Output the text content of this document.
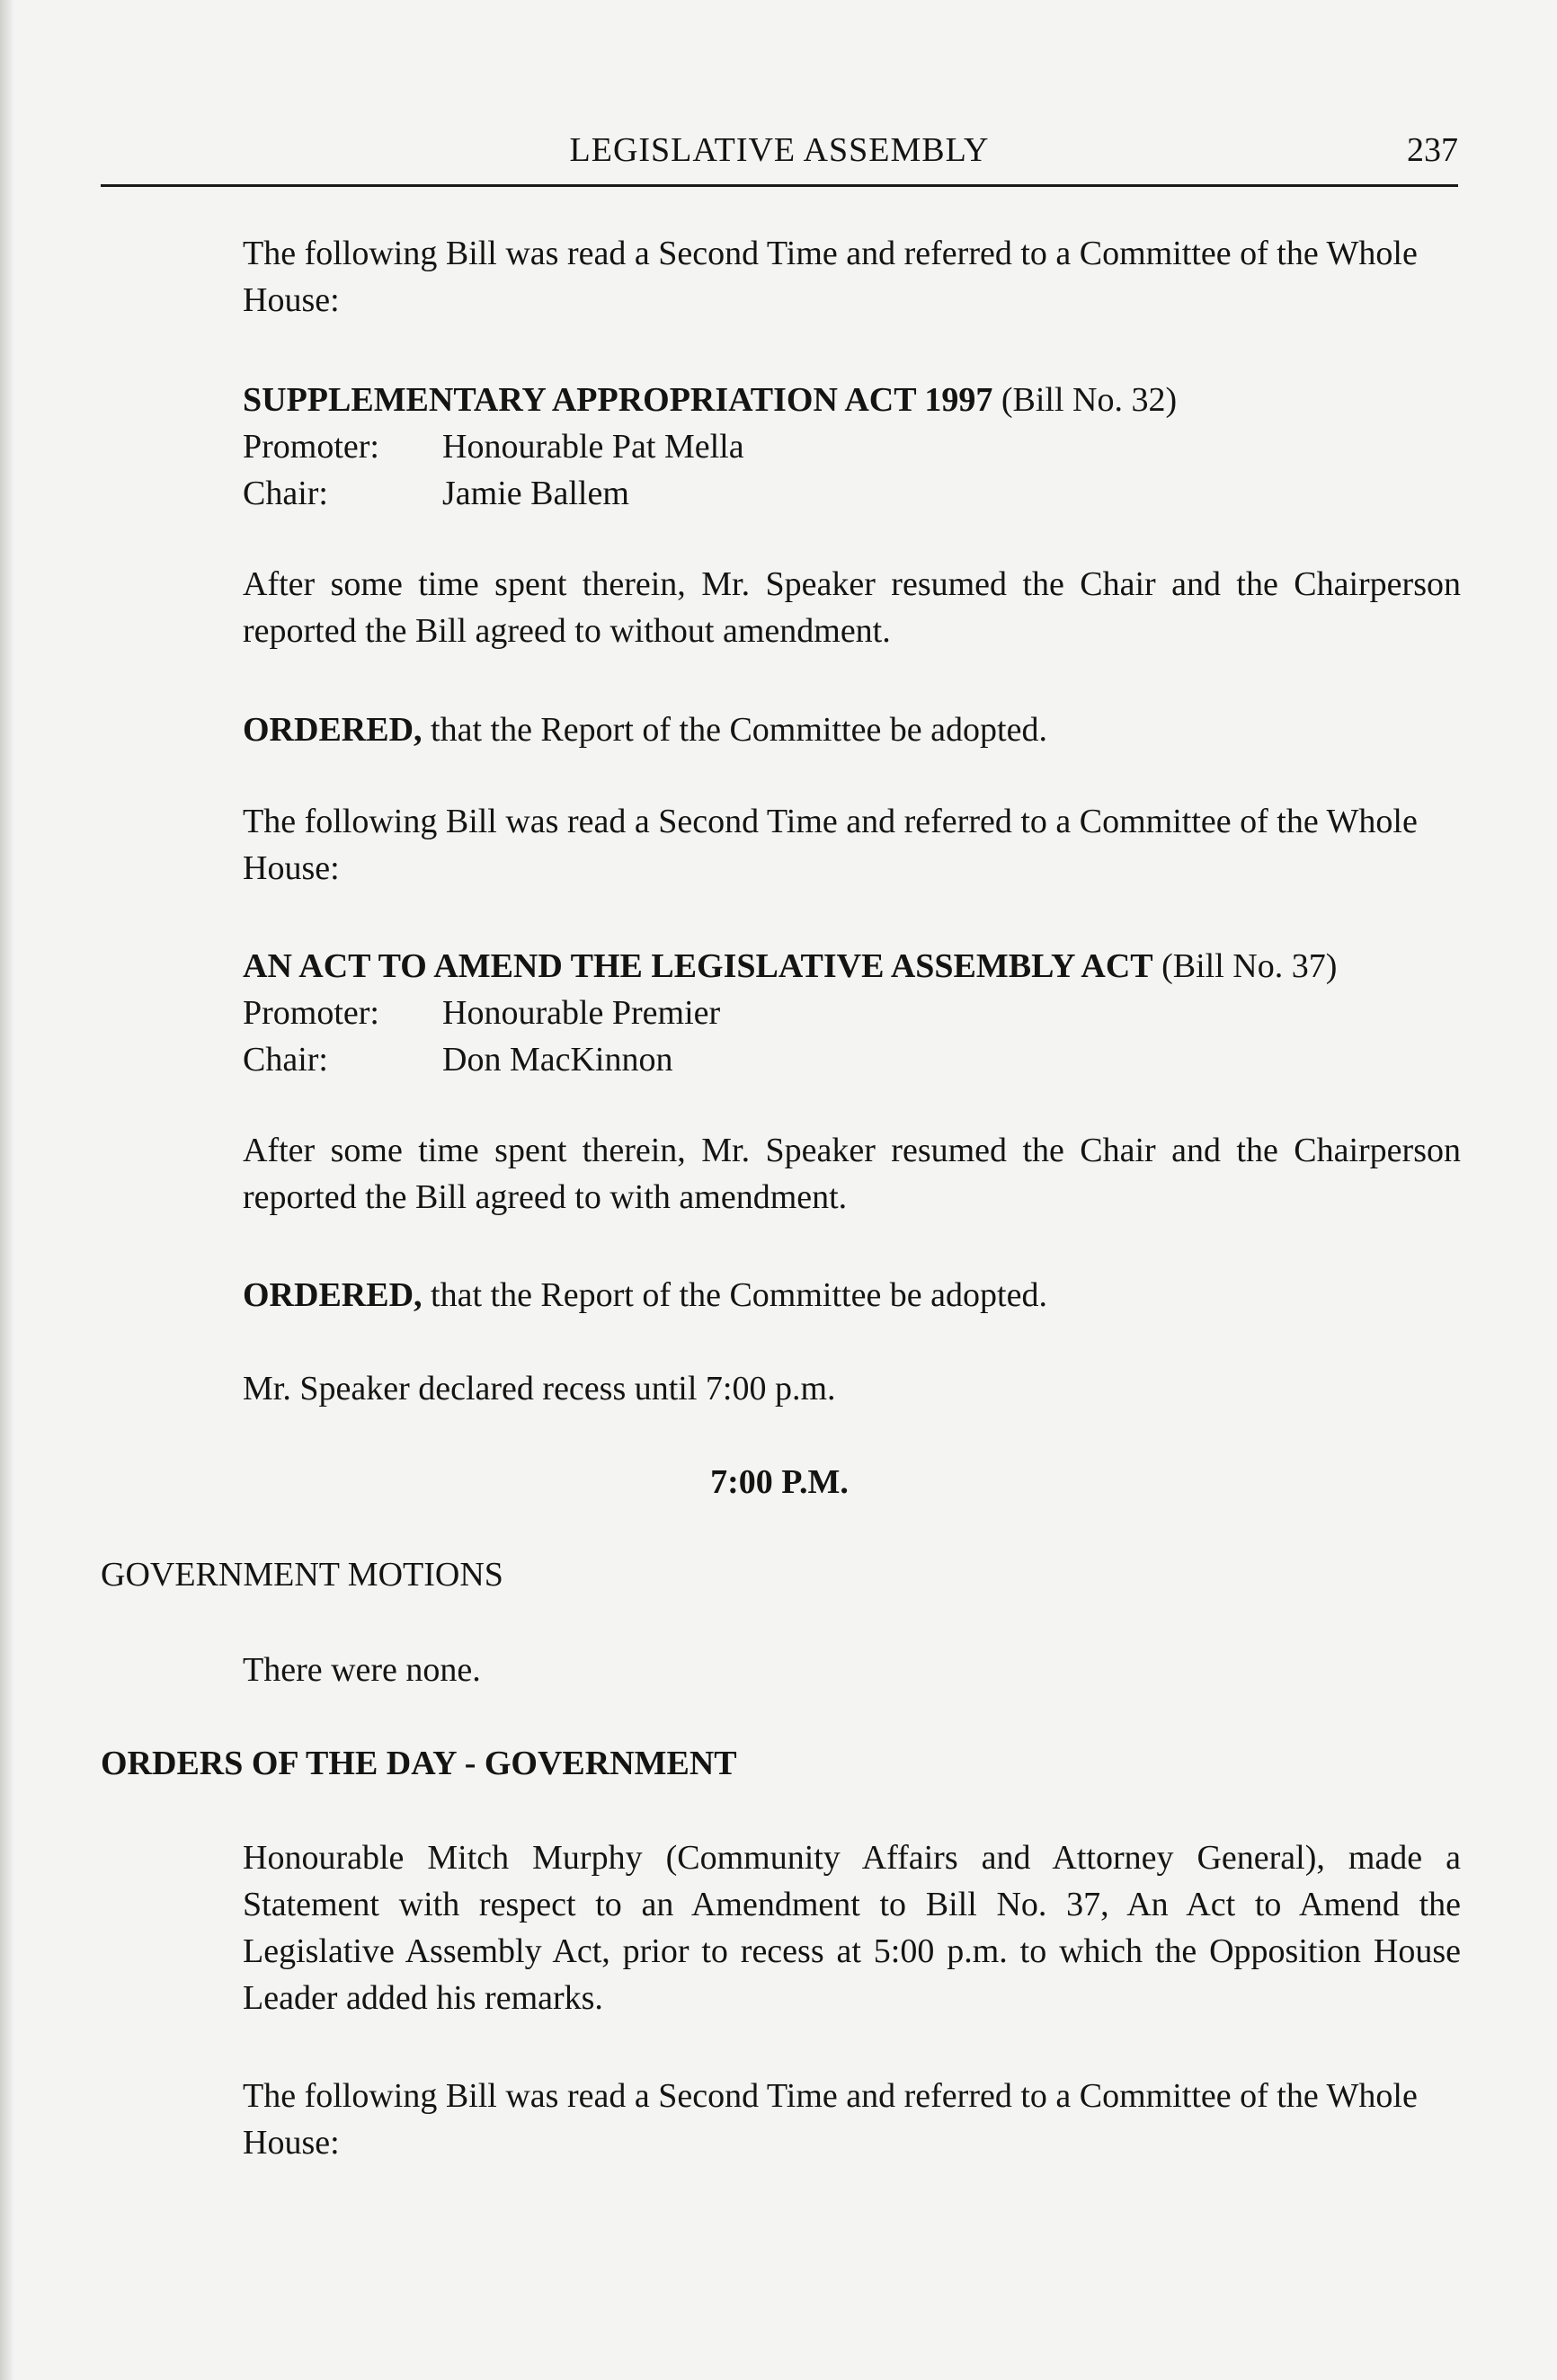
LEGISLATIVE ASSEMBLY	237
The following Bill was read a Second Time and referred to a Committee of the Whole House:
SUPPLEMENTARY APPROPRIATION ACT 1997 (Bill No. 32)
Promoter: Honourable Pat Mella
Chair:	Jamie Ballem
After some time spent therein, Mr. Speaker resumed the Chair and the Chairperson reported the Bill agreed to without amendment.
ORDERED, that the Report of the Committee be adopted.
The following Bill was read a Second Time and referred to a Committee of the Whole House:
AN ACT TO AMEND THE LEGISLATIVE ASSEMBLY ACT (Bill No. 37)
Promoter: Honourable Premier
Chair:	Don MacKinnon
After some time spent therein, Mr. Speaker resumed the Chair and the Chairperson reported the Bill agreed to with amendment.
ORDERED, that the Report of the Committee be adopted.
Mr. Speaker declared recess until 7:00 p.m.
7:00 P.M.
GOVERNMENT MOTIONS
There were none.
ORDERS OF THE DAY - GOVERNMENT
Honourable Mitch Murphy (Community Affairs and Attorney General), made a Statement with respect to an Amendment to Bill No. 37, An Act to Amend the Legislative Assembly Act, prior to recess at 5:00 p.m. to which the Opposition House Leader added his remarks.
The following Bill was read a Second Time and referred to a Committee of the Whole House:
